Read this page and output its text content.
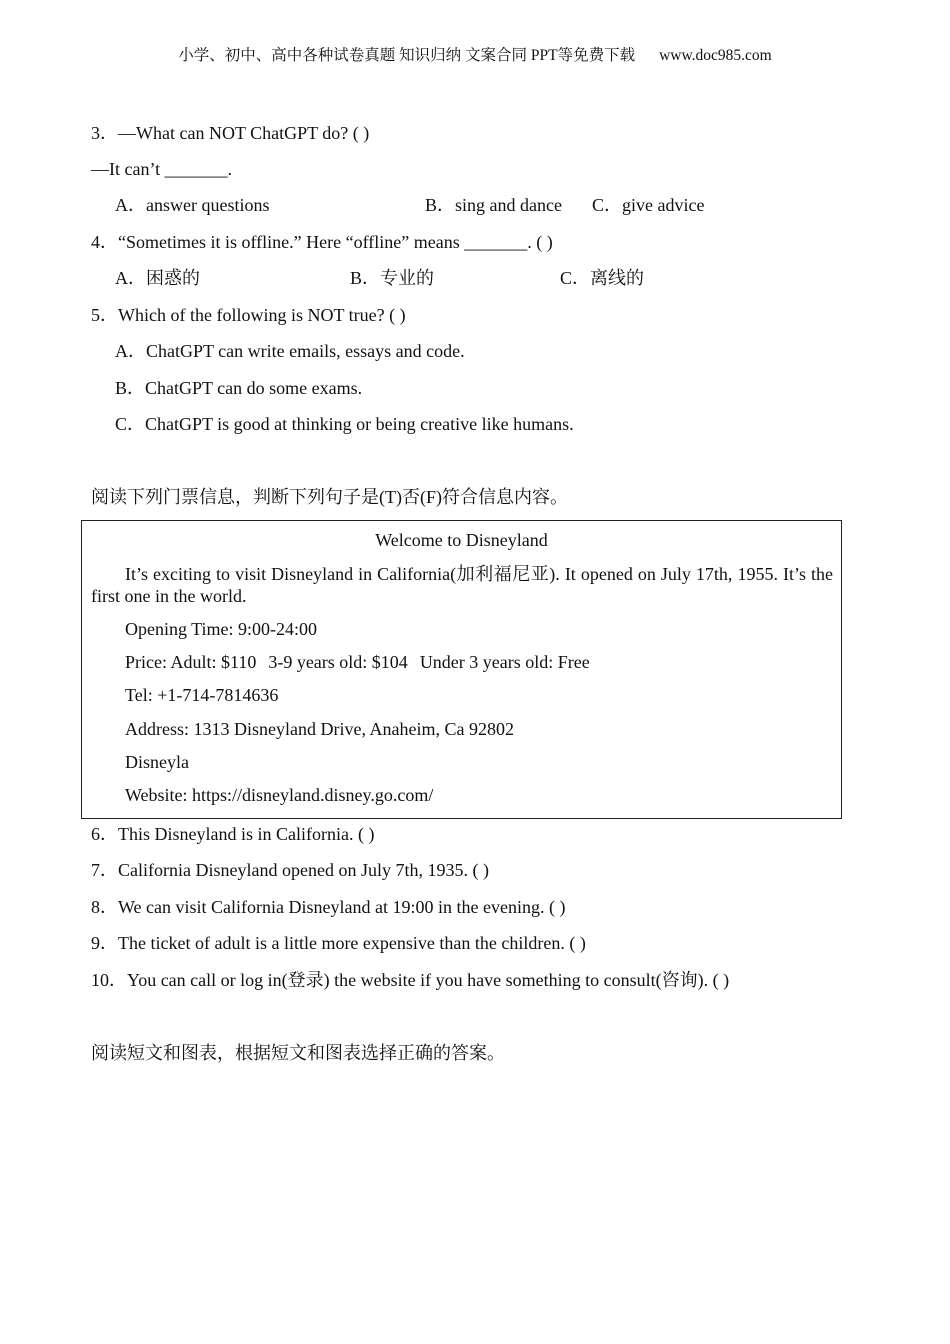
小学、初中、高中各种试卷真题 知识归纳 文案合同 PPT等免费下载 www.doc985.com
3．—What can NOT ChatGPT do? ( )
—It can’t _______.
A．answer questions	B．sing and dance C．give advice
4．“Sometimes it is offline.” Here “offline” means _______. ( )
A．困惑的	B．专业的	C．离线的
5．Which of the following is NOT true? ( )
A．ChatGPT can write emails, essays and code.
B．ChatGPT can do some exams.
C．ChatGPT is good at thinking or being creative like humans.
阅读下列门票信息，判断下列句子是(T)否(F)符合信息内容。
Welcome to Disneyland
It’s exciting to visit Disneyland in California(加利福尼亚). It opened on July 17th, 1955. It’s the first one in the world.
Opening Time: 9:00-24:00
Price: Adult: $110 3-9 years old: $104 Under 3 years old: Free
Tel: +1-714-7814636
Address: 1313 Disneyland Drive, Anaheim, Ca 92802
Disneyla
Website: https://disneyland.disney.go.com/
6．This Disneyland is in California. ( )
7．California Disneyland opened on July 7th, 1935. ( )
8．We can visit California Disneyland at 19:00 in the evening. ( )
9．The ticket of adult is a little more expensive than the children. ( )
10．You can call or log in(登录) the website if you have something to consult(咨询). ( )
阅读短文和图表，根据短文和图表选择正确的答案。
